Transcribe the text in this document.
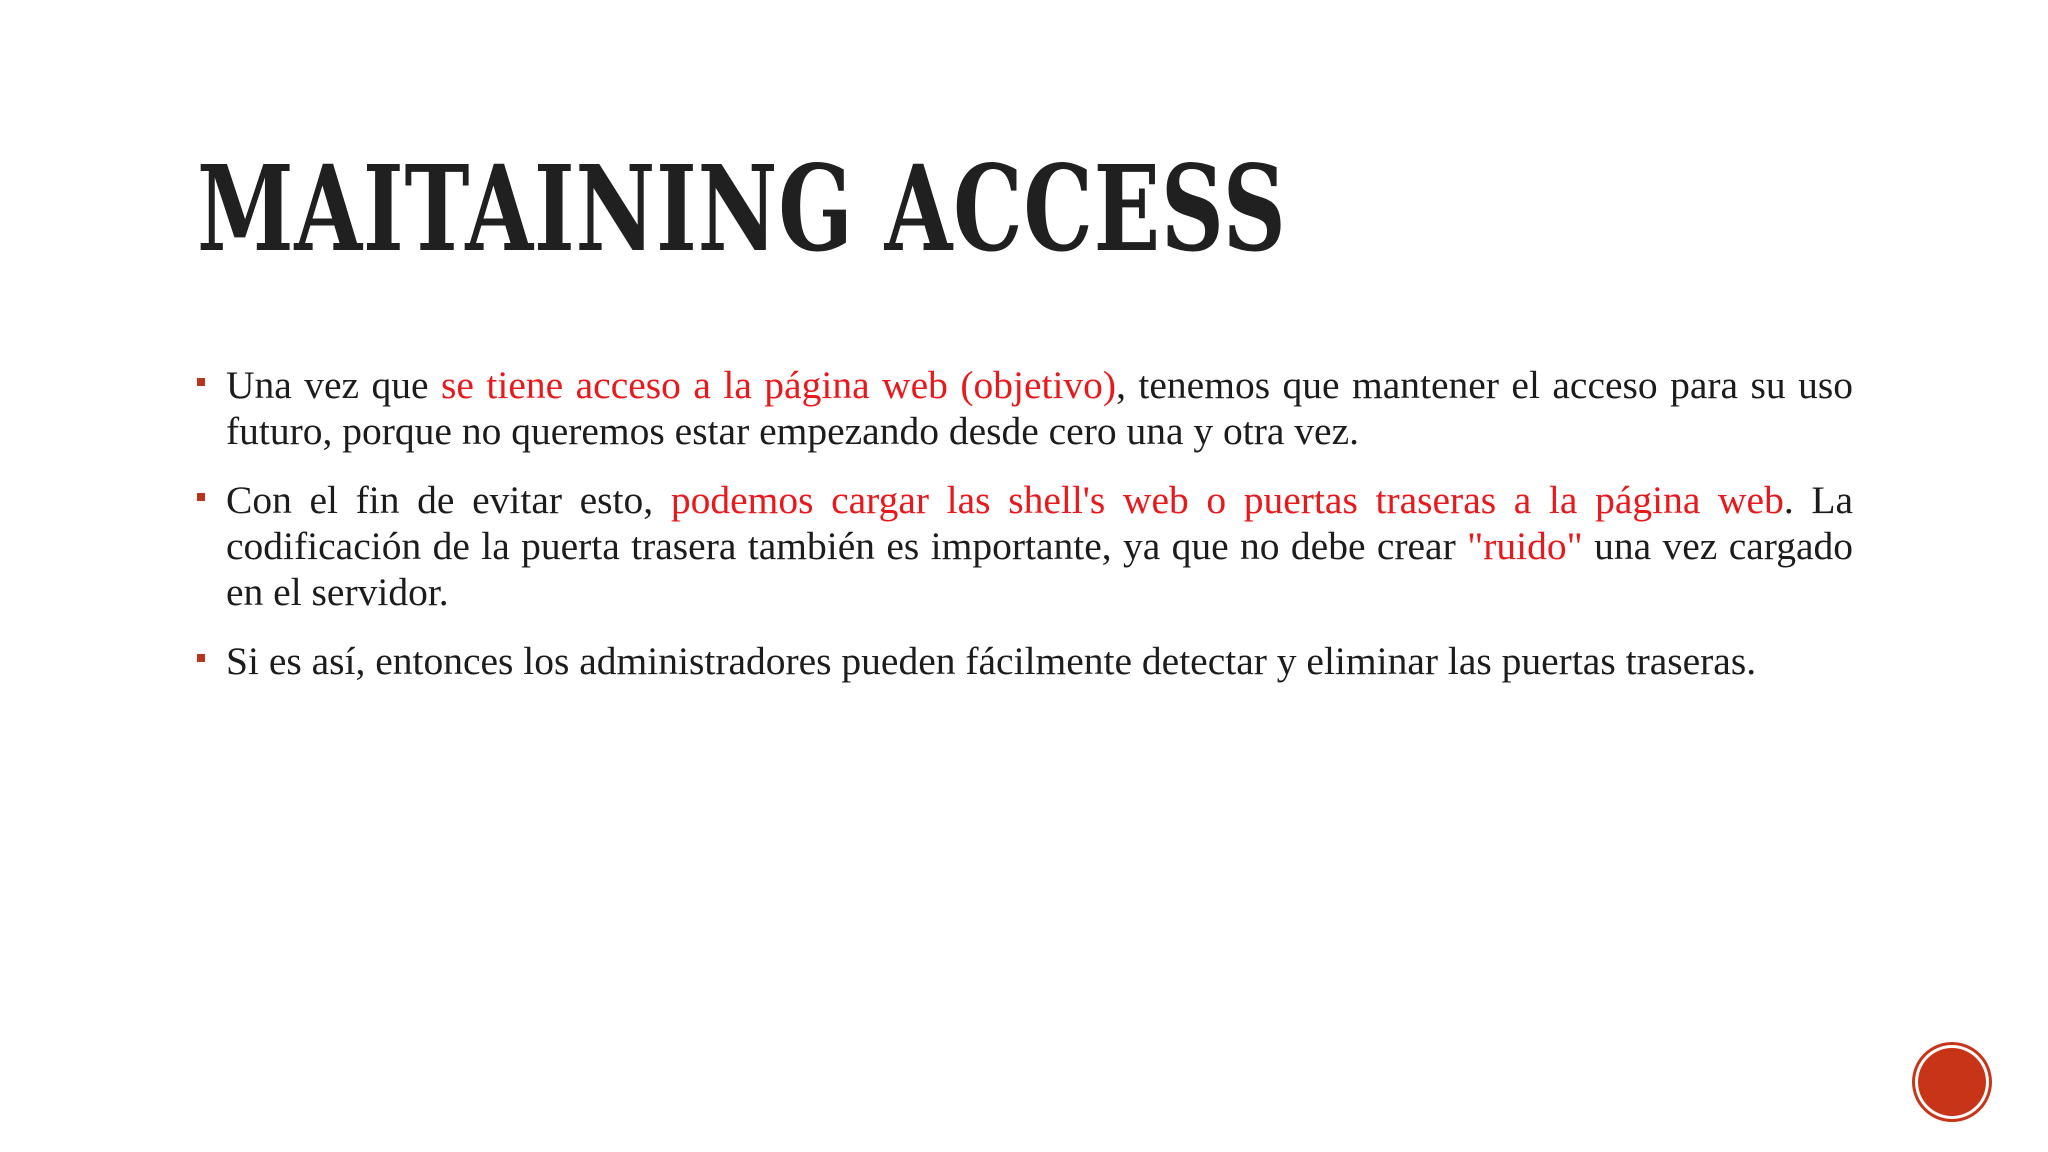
MAITAINING ACCESS
Una vez que se tiene acceso a la página web (objetivo), tenemos que mantener el acceso para su uso futuro, porque no queremos estar empezando desde cero una y otra vez.
Con el fin de evitar esto, podemos cargar las shell's web o puertas traseras a la página web. La codificación de la puerta trasera también es importante, ya que no debe crear "ruido" una vez cargado en el servidor.
Si es así, entonces los administradores pueden fácilmente detectar y eliminar las puertas traseras.
